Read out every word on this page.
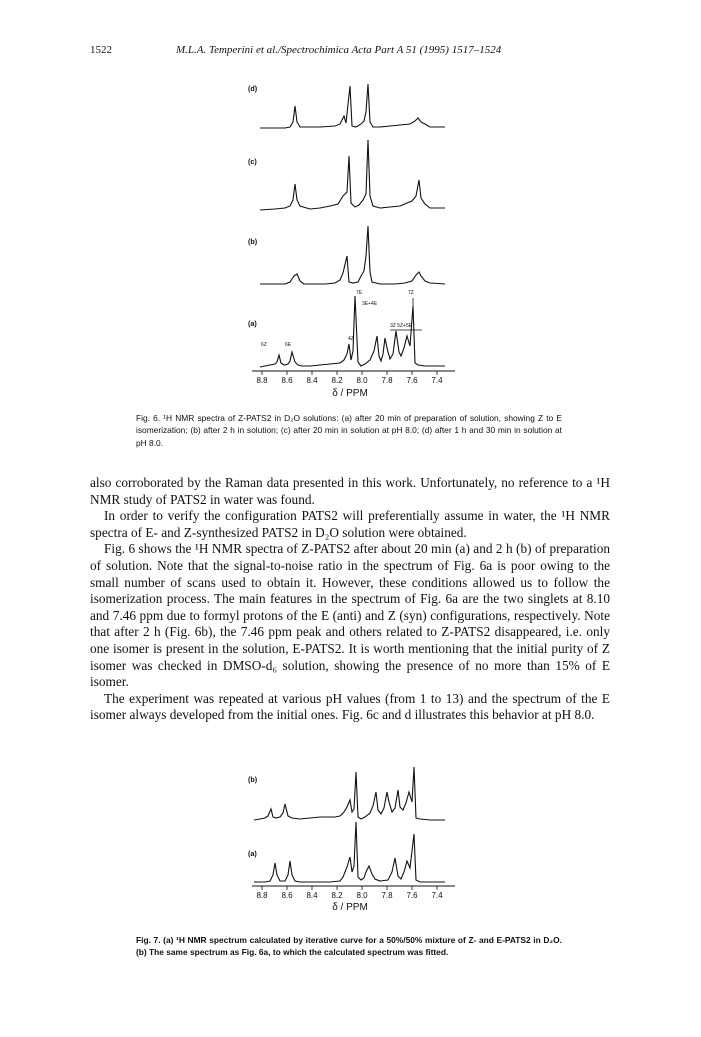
1522	M.L.A. Temperini et al./Spectrochimica Acta Part A 51 (1995) 1517–1524
(d)
(c)
(b)
(a)
7E	7Z
3E+4E
6Z	6E
4Z
3Z 5Z+5E
8.8 8.6 8.4 8.2 8.0 7.8 7.6 7.4
δ / PPM

Fig. 6. ¹H NMR spectra of Z-PATS2 in D₂O solutions: (a) after 20 min of preparation of solution, showing Z to E isomerization; (b) after 2 h in solution; (c) after 20 min in solution at pH 8.0; (d) after 1 h and 30 min in solution at pH 8.0.

also corroborated by the Raman data presented in this work. Unfortunately, no reference to a ¹H NMR study of PATS2 in water was found.

In order to verify the configuration PATS2 will preferentially assume in water, the ¹H NMR spectra of E- and Z-synthesized PATS2 in D₂O solution were obtained.

Fig. 6 shows the ¹H NMR spectra of Z-PATS2 after about 20 min (a) and 2 h (b) of preparation of solution. Note that the signal-to-noise ratio in the spectrum of Fig. 6a is poor owing to the small number of scans used to obtain it. However, these conditions allowed us to follow the isomerization process. The main features in the spectrum of Fig. 6a are the two singlets at 8.10 and 7.46 ppm due to formyl protons of the E (anti) and Z (syn) configurations, respectively. Note that after 2 h (Fig. 6b), the 7.46 ppm peak and others related to Z-PATS2 disappeared, i.e. only one isomer is present in the solution, E-PATS2. It is worth mentioning that the initial purity of Z isomer was checked in DMSO-d₆ solution, showing the presence of no more than 15% of E isomer.

The experiment was repeated at various pH values (from 1 to 13) and the spectrum of the E isomer always developed from the initial ones. Fig. 6c and d illustrates this behavior at pH 8.0.

(b)
(a)
8.8 8.6 8.4 8.2 8.0 7.8 7.6 7.4
δ / PPM

Fig. 7. (a) ¹H NMR spectrum calculated by iterative curve for a 50%/50% mixture of Z- and E-PATS2 in D₂O. (b) The same spectrum as Fig. 6a, to which the calculated spectrum was fitted.
